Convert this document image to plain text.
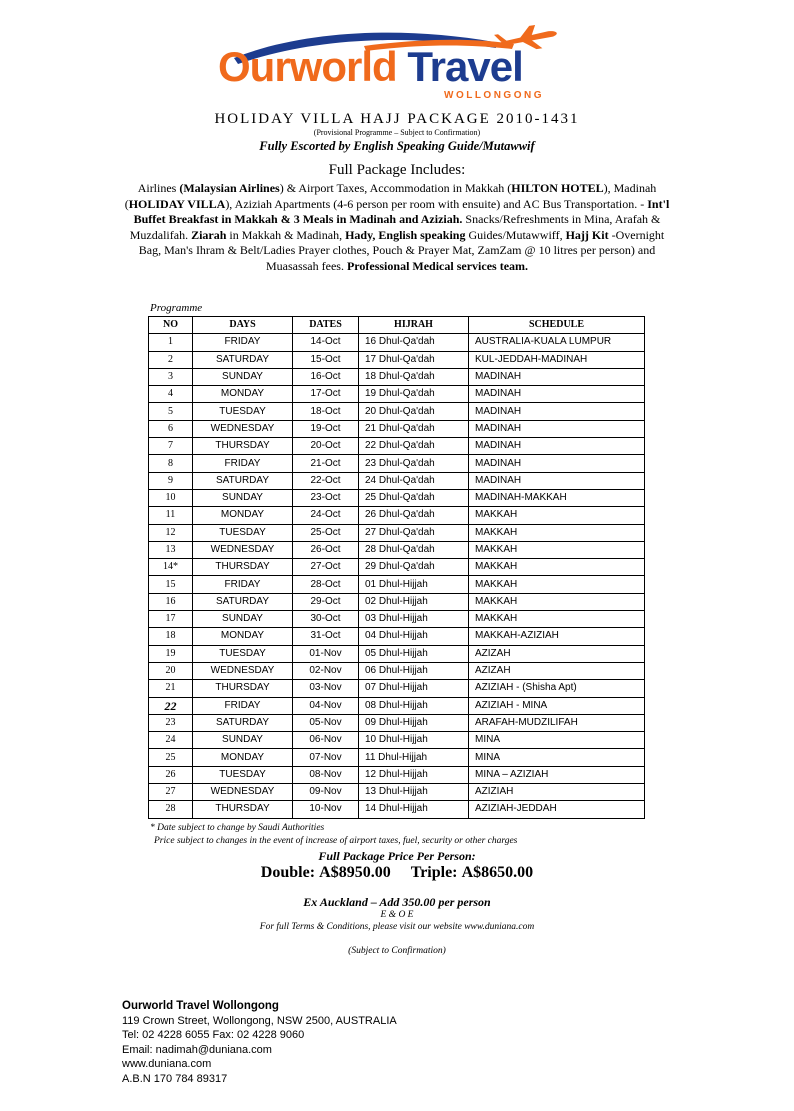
Ourworld Travel
WOLLONGONG
HOLIDAY VILLA HAJJ PACKAGE 2010-1431
(Provisional Programme – Subject to Confirmation)
Fully Escorted by English Speaking Guide/Mutawwif
Full Package Includes:
Airlines (Malaysian Airlines) & Airport Taxes, Accommodation in Makkah (HILTON HOTEL), Madinah (HOLIDAY VILLA), Aziziah Apartments (4-6 person per room with ensuite) and AC Bus Transportation. - Int'l Buffet Breakfast in Makkah & 3 Meals in Madinah and Aziziah. Snacks/Refreshments in Mina, Arafah & Muzdalifah. Ziarah in Makkah & Madinah, Hady, English speaking Guides/Mutawwiff, Hajj Kit -Overnight Bag, Man's Ihram & Belt/Ladies Prayer clothes, Pouch & Prayer Mat, ZamZam @ 10 litres per person) and Muasassah fees. Professional Medical services team.
Programme
NO	DAYS	DATES	HIJRAH	SCHEDULE
1	FRIDAY	14-Oct	16 Dhul-Qa'dah	AUSTRALIA-KUALA LUMPUR
2	SATURDAY	15-Oct	17 Dhul-Qa'dah	KUL-JEDDAH-MADINAH
3	SUNDAY	16-Oct	18 Dhul-Qa'dah	MADINAH
4	MONDAY	17-Oct	19 Dhul-Qa'dah	MADINAH
5	TUESDAY	18-Oct	20 Dhul-Qa'dah	MADINAH
6	WEDNESDAY	19-Oct	21 Dhul-Qa'dah	MADINAH
7	THURSDAY	20-Oct	22 Dhul-Qa'dah	MADINAH
8	FRIDAY	21-Oct	23 Dhul-Qa'dah	MADINAH
9	SATURDAY	22-Oct	24 Dhul-Qa'dah	MADINAH
10	SUNDAY	23-Oct	25 Dhul-Qa'dah	MADINAH-MAKKAH
11	MONDAY	24-Oct	26 Dhul-Qa'dah	MAKKAH
12	TUESDAY	25-Oct	27 Dhul-Qa'dah	MAKKAH
13	WEDNESDAY	26-Oct	28 Dhul-Qa'dah	MAKKAH
14*	THURSDAY	27-Oct	29 Dhul-Qa'dah	MAKKAH
15	FRIDAY	28-Oct	01 Dhul-Hijjah	MAKKAH
16	SATURDAY	29-Oct	02 Dhul-Hijjah	MAKKAH
17	SUNDAY	30-Oct	03 Dhul-Hijjah	MAKKAH
18	MONDAY	31-Oct	04 Dhul-Hijjah	MAKKAH-AZIZIAH
19	TUESDAY	01-Nov	05 Dhul-Hijjah	AZIZAH
20	WEDNESDAY	02-Nov	06 Dhul-Hijjah	AZIZAH
21	THURSDAY	03-Nov	07 Dhul-Hijjah	AZIZIAH - (Shisha Apt)
22	FRIDAY	04-Nov	08 Dhul-Hijjah	AZIZIAH - MINA
23	SATURDAY	05-Nov	09 Dhul-Hijjah	ARAFAH-MUDZILIFAH
24	SUNDAY	06-Nov	10 Dhul-Hijjah	MINA
25	MONDAY	07-Nov	11 Dhul-Hijjah	MINA
26	TUESDAY	08-Nov	12 Dhul-Hijjah	MINA – AZIZIAH
27	WEDNESDAY	09-Nov	13 Dhul-Hijjah	AZIZIAH
28	THURSDAY	10-Nov	14 Dhul-Hijjah	AZIZIAH-JEDDAH
* Date subject to change by Saudi Authorities
Price subject to changes in the event of increase of airport taxes, fuel, security or other charges
Full Package Price Per Person:
Double: A$8950.00 Triple: A$8650.00
Ex Auckland – Add 350.00 per person
E & O E
For full Terms & Conditions, please visit our website www.duniana.com
(Subject to Confirmation)
Ourworld Travel Wollongong
119 Crown Street, Wollongong, NSW 2500, AUSTRALIA
Tel: 02 4228 6055 Fax: 02 4228 9060
Email: nadimah@duniana.com
www.duniana.com
A.B.N 170 784 89317
